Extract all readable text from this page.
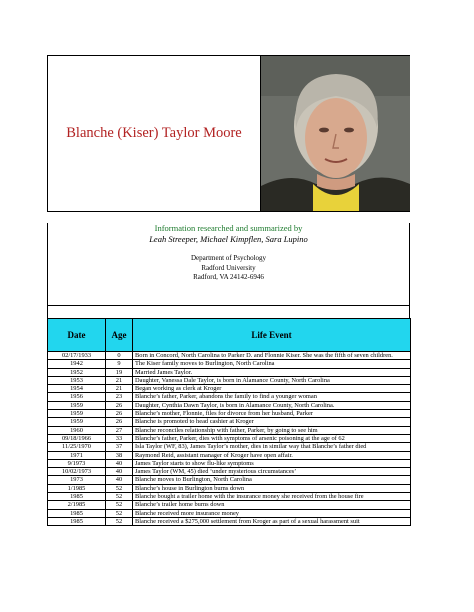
Blanche (Kiser) Taylor Moore
Information researched and summarized by
Leah Streeper, Michael Kimpflen, Sara Lupino
Department of Psychology
Radford University
Radford, VA 24142-6946
Date	Age	Life Event
02/17/1933	0	Born in Concord, North Carolina to Parker D. and Flonnie Kiser. She was the fifth of seven children.
1942	9	The Kiser family moves to Burlington, North Carolina
1952	19	Married James Taylor.
1953	21	Daughter, Vanessa Dale Taylor, is born in Alamance County, North Carolina
1954	21	Began working as clerk at Kroger
1956	23	Blanche’s father, Parker, abandons the family to find a younger woman
1959	26	Daughter, Cynthia Dawn Taylor, is born in Alamance County, North Carolina.
1959	26	Blanche’s mother, Flonnie, files for divorce from her husband, Parker
1959	26	Blanche is promoted to head cashier at Kroger
1960	27	Blanche reconciles relationship with father, Parker, by going to see him
09/18/1966	33	Blanche’s father, Parker, dies with symptoms of arsenic poisoning at the age of 62
11/25/1970	37	Isla Taylor (WF, 83), James Taylor’s mother, dies in similar way that Blanche’s father died
1971	38	Raymond Reid, assistant manager of Kroger have open affair.
9/1973	40	James Taylor starts to show flu-like symptoms
10/02/1973	40	James Taylor (WM, 45) died ‘under mysterious circumstances’
1973	40	Blanche moves to Burlington, North Carolina
1/1985	52	Blanche’s house in Burlington burns down
1985	52	Blanche bought a trailer home with the insurance money she received from the house fire
2/1985	52	Blanche’s trailer home burns down
1985	52	Blanche received more insurance money
1985	52	Blanche received a $275,000 settlement from Kroger as part of a sexual harassment suit
